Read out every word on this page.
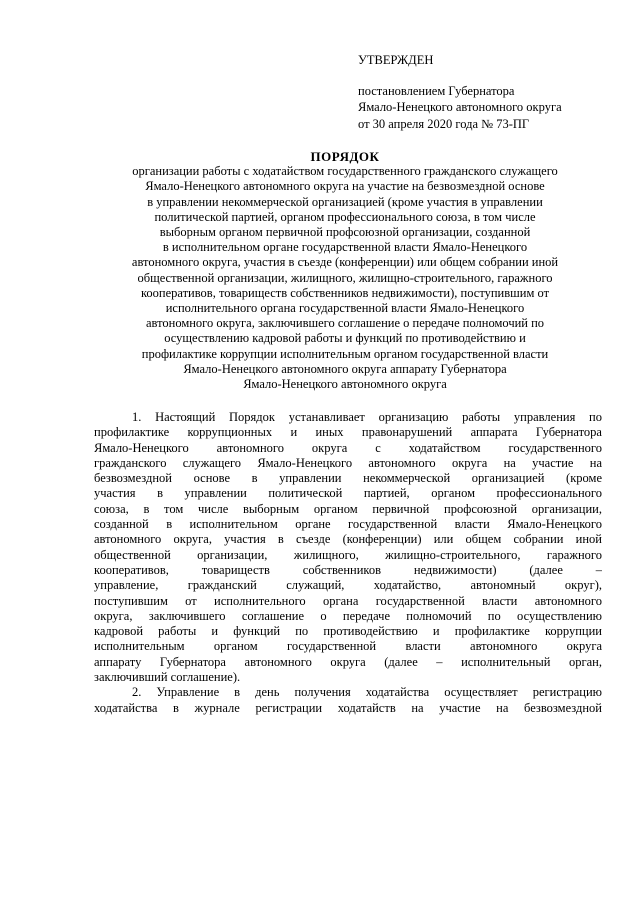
УТВЕРЖДЕН
постановлением Губернатора
Ямало-Ненецкого автономного округа
от 30 апреля 2020 года № 73-ПГ
ПОРЯДОК
организации работы с ходатайством государственного гражданского служащего
Ямало-Ненецкого автономного округа на участие на безвозмездной основе
в управлении некоммерческой организацией (кроме участия в управлении
политической партией, органом профессионального союза, в том числе
выборным органом первичной профсоюзной организации, созданной
в исполнительном органе государственной власти Ямало-Ненецкого
автономного округа, участия в съезде (конференции) или общем собрании иной
общественной организации, жилищного, жилищно-строительного, гаражного
кооперативов, товариществ собственников недвижимости), поступившим от
исполнительного органа государственной власти Ямало-Ненецкого
автономного округа, заключившего соглашение о передаче полномочий по
осуществлению кадровой работы и функций по противодействию и
профилактике коррупции исполнительным органом государственной власти
Ямало-Ненецкого автономного округа аппарату Губернатора
Ямало-Ненецкого автономного округа
1. Настоящий Порядок устанавливает организацию работы управления по
профилактике коррупционных и иных правонарушений аппарата Губернатора
Ямало-Ненецкого автономного округа с ходатайством государственного
гражданского служащего Ямало-Ненецкого автономного округа на участие на
безвозмездной основе в управлении некоммерческой организацией (кроме
участия в управлении политической партией, органом профессионального
союза, в том числе выборным органом первичной профсоюзной организации,
созданной в исполнительном органе государственной власти Ямало-Ненецкого
автономного округа, участия в съезде (конференции) или общем собрании иной
общественной организации, жилищного, жилищно-строительного, гаражного
кооперативов, товариществ собственников недвижимости) (далее –
управление, гражданский служащий, ходатайство, автономный округ),
поступившим от исполнительного органа государственной власти автономного
округа, заключившего соглашение о передаче полномочий по осуществлению
кадровой работы и функций по противодействию и профилактике коррупции
исполнительным органом государственной власти автономного округа
аппарату Губернатора автономного округа (далее – исполнительный орган,
заключивший соглашение).
2. Управление в день получения ходатайства осуществляет регистрацию
ходатайства в журнале регистрации ходатайств на участие на безвозмездной
